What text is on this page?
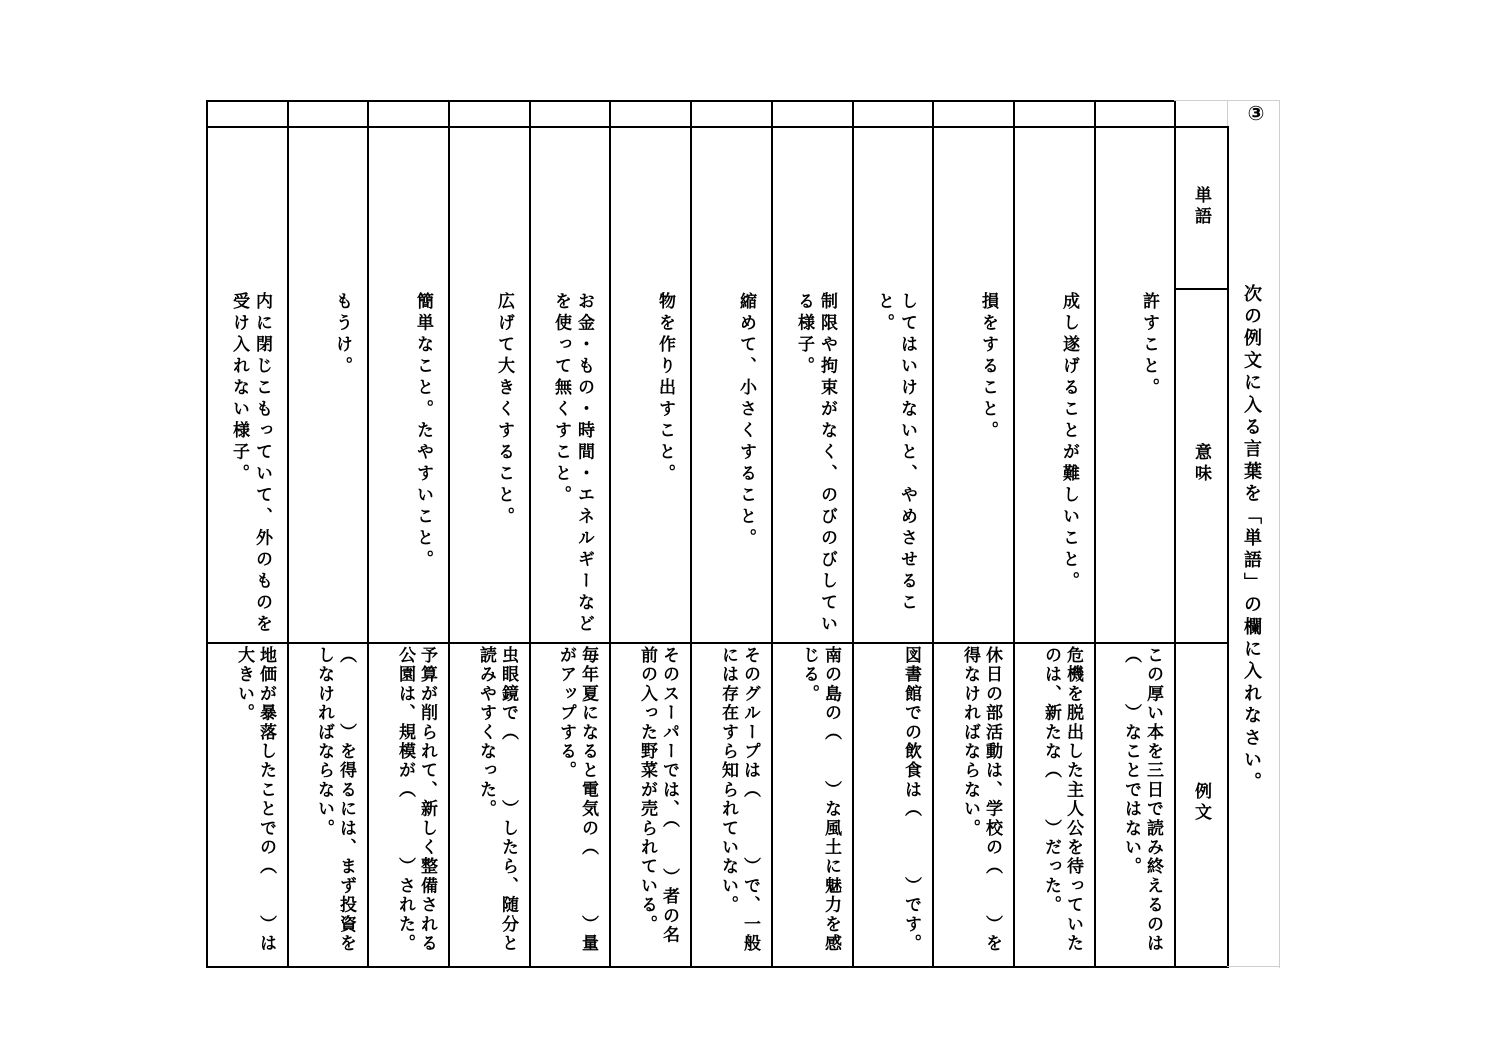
③
次の例文に入る言葉を「単語」の欄に入れなさい。
単語
意味
例文
許すこと。
この厚い本を三日で読み終えるのは（　　）なことではない。
成し遂げることが難しいこと。
危機を脱出した主人公を待っていたのは、新たな（　　）だった。
損をすること。
休日の部活動は、学校の（　　）を得なければならない。
してはいけないと、やめさせること。
図書館での飲食は（　　　）です。
制限や拘束がなく、のびのびしている様子。
南の島の（　　）な風土に魅力を感じる。
縮めて、小さくすること。
そのグループは（　　　）で、一般には存在すら知られていない。
物を作り出すこと。
そのスーパーでは、（　　）者の名前の入った野菜が売られている。
お金・もの・時間・エネルギーなどを使って無くすこと。
毎年夏になると電気の（　　　）量がアップする。
広げて大きくすること。
虫眼鏡で（　　　）したら、随分と読みやすくなった。
簡単なこと。たやすいこと。
予算が削られて、新しく整備される公園は、規模が（　　　）された。
もうけ。
（　　　）を得るには、まず投資をしなければならない。
内に閉じこもっていて、外のものを受け入れない様子。
地価が暴落したことでの（　　）は大きい。
